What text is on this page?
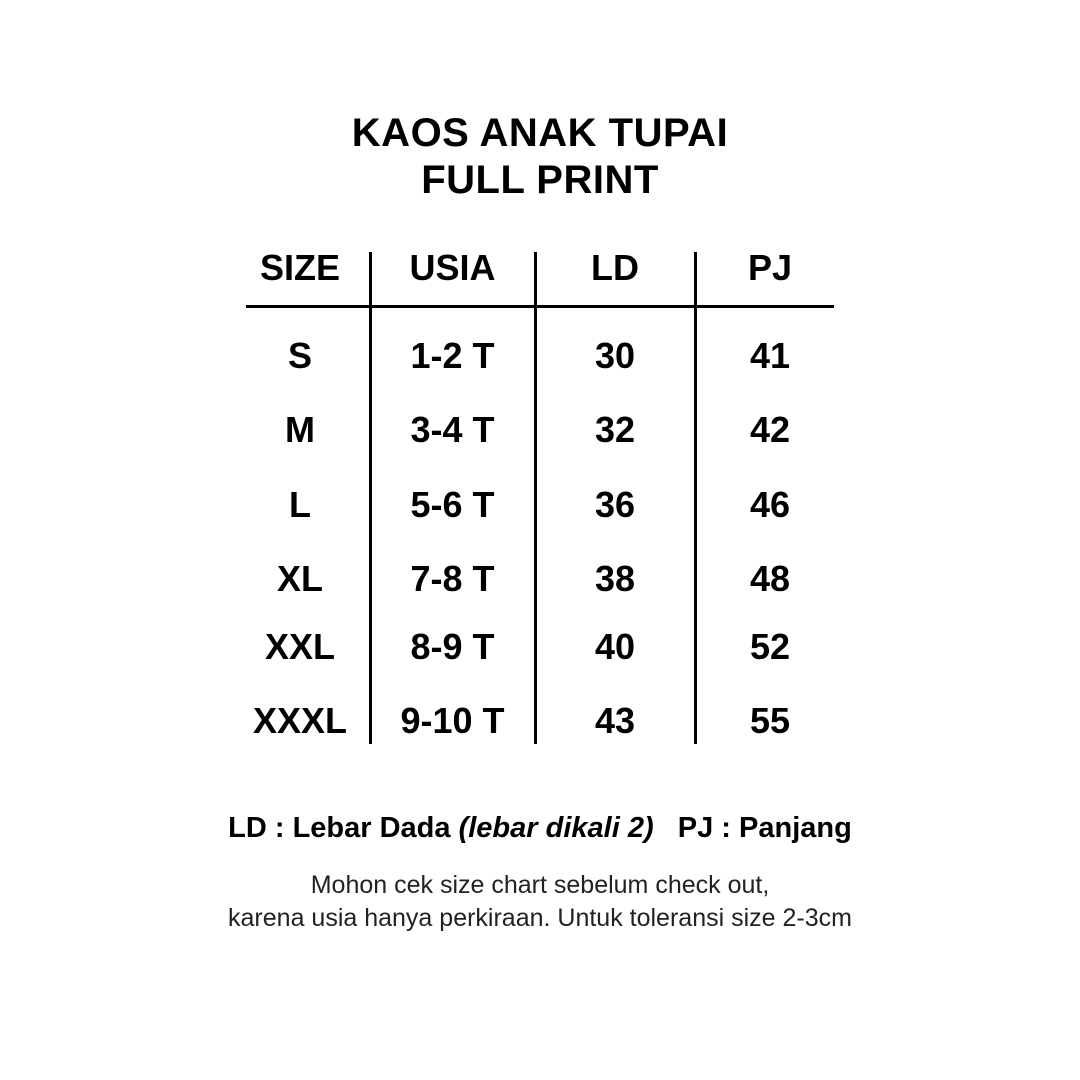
KAOS ANAK TUPAI
FULL PRINT
SIZE	USIA	LD	PJ
S	1-2 T	30	41
M	3-4 T	32	42
L	5-6 T	36	46
XL	7-8 T	38	48
XXL	8-9 T	40	52
XXXL	9-10 T	43	55
LD : Lebar Dada (lebar dikali 2) PJ : Panjang
Mohon cek size chart sebelum check out,
karena usia hanya perkiraan. Untuk toleransi size 2-3cm
